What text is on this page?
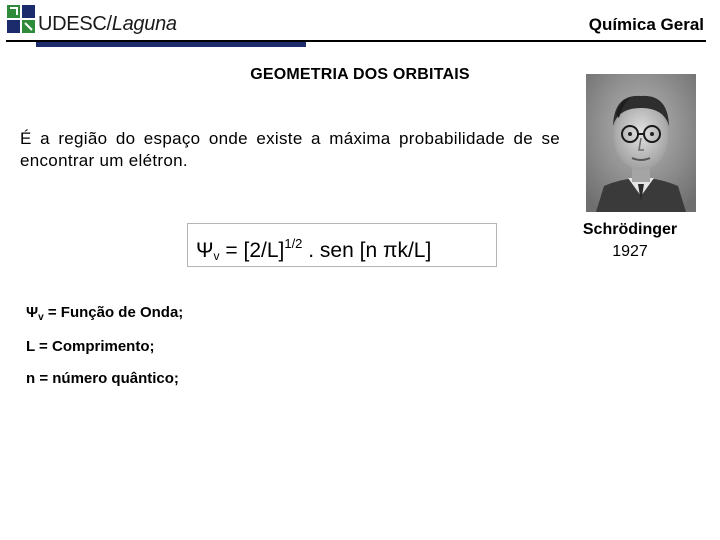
UDESC/Laguna	Química Geral
GEOMETRIA DOS ORBITAIS
É a região do espaço onde existe a máxima probabilidade de se encontrar um elétron.
$\Psi_v = [2/L]^{1/2}$ . sen [n πk/L]
$\Psi_v$ = Função de Onda;
L = Comprimento;
n = número quântico;
Schrödinger
1927
